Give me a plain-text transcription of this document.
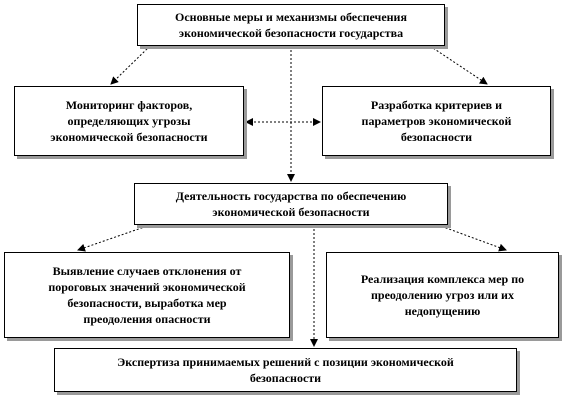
Основные меры и механизмы обеспечения
экономической безопасности государства
Мониторинг факторов,
определяющих угрозы
экономической безопасности
Разработка критериев и
параметров экономической
безопасности
Деятельность государства по обеспечению
экономической безопасности
Выявление случаев отклонения от
пороговых значений экономической
безопасности, выработка мер
преодоления опасности
Реализация комплекса мер по
преодолению угроз или их
недопущению
Экспертиза принимаемых решений с позиции экономической
безопасности
